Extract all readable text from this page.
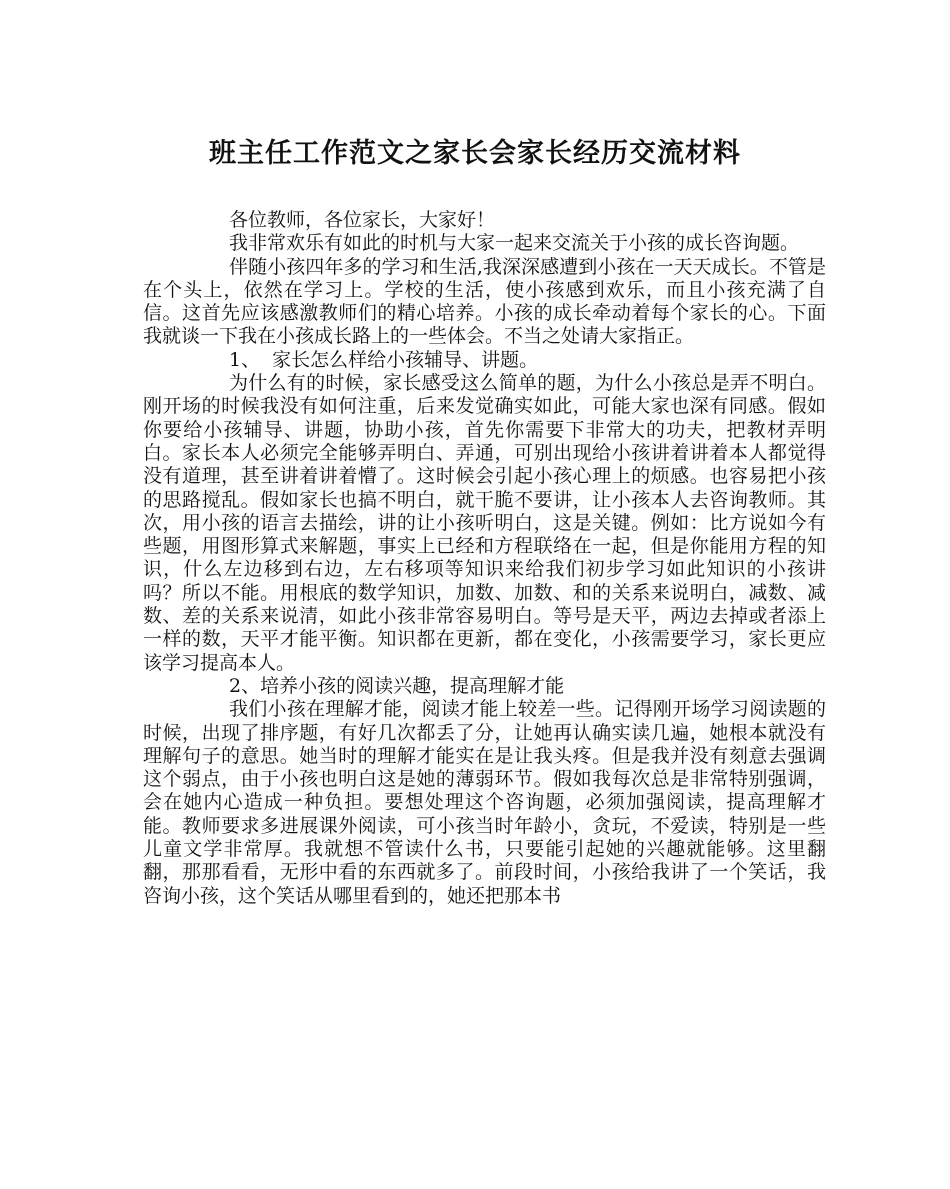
班主任工作范文之家长会家长经历交流材料

各位教师，各位家长，大家好！

我非常欢乐有如此的时机与大家一起来交流关于小孩的成长咨询题。

伴随小孩四年多的学习和生活,我深深感遭到小孩在一天天成长。不管是在个头上，依然在学习上。学校的生活，使小孩感到欢乐，而且小孩充满了自信。这首先应该感激教师们的精心培养。小孩的成长牵动着每个家长的心。下面我就谈一下我在小孩成长路上的一些体会。不当之处请大家指正。

1、  家长怎么样给小孩辅导、讲题。

为什么有的时候，家长感受这么简单的题，为什么小孩总是弄不明白。刚开场的时候我没有如何注重，后来发觉确实如此，可能大家也深有同感。假如你要给小孩辅导、讲题，协助小孩，首先你需要下非常大的功夫，把教材弄明白。家长本人必须完全能够弄明白、弄通，可别出现给小孩讲着讲着本人都觉得没有道理，甚至讲着讲着懵了。这时候会引起小孩心理上的烦感。也容易把小孩的思路搅乱。假如家长也搞不明白，就干脆不要讲，让小孩本人去咨询教师。其次，用小孩的语言去描绘，讲的让小孩听明白，这是关键。例如：比方说如今有些题，用图形算式来解题，事实上已经和方程联络在一起，但是你能用方程的知识，什么左边移到右边，左右移项等知识来给我们初步学习如此知识的小孩讲吗？所以不能。用根底的数学知识，加数、加数、和的关系来说明白，减数、减数、差的关系来说清，如此小孩非常容易明白。等号是天平，两边去掉或者添上一样的数，天平才能平衡。知识都在更新，都在变化，小孩需要学习，家长更应该学习提高本人。

2、培养小孩的阅读兴趣，提高理解才能

我们小孩在理解才能，阅读才能上较差一些。记得刚开场学习阅读题的时候，出现了排序题，有好几次都丢了分，让她再认确实读几遍，她根本就没有理解句子的意思。她当时的理解才能实在是让我头疼。但是我并没有刻意去强调这个弱点，由于小孩也明白这是她的薄弱环节。假如我每次总是非常特别强调，会在她内心造成一种负担。要想处理这个咨询题，必须加强阅读，提高理解才能。教师要求多进展课外阅读，可小孩当时年龄小，贪玩，不爱读，特别是一些儿童文学非常厚。我就想不管读什么书，只要能引起她的兴趣就能够。这里翻翻，那那看看，无形中看的东西就多了。前段时间，小孩给我讲了一个笑话，我咨询小孩，这个笑话从哪里看到的，她还把那本书
